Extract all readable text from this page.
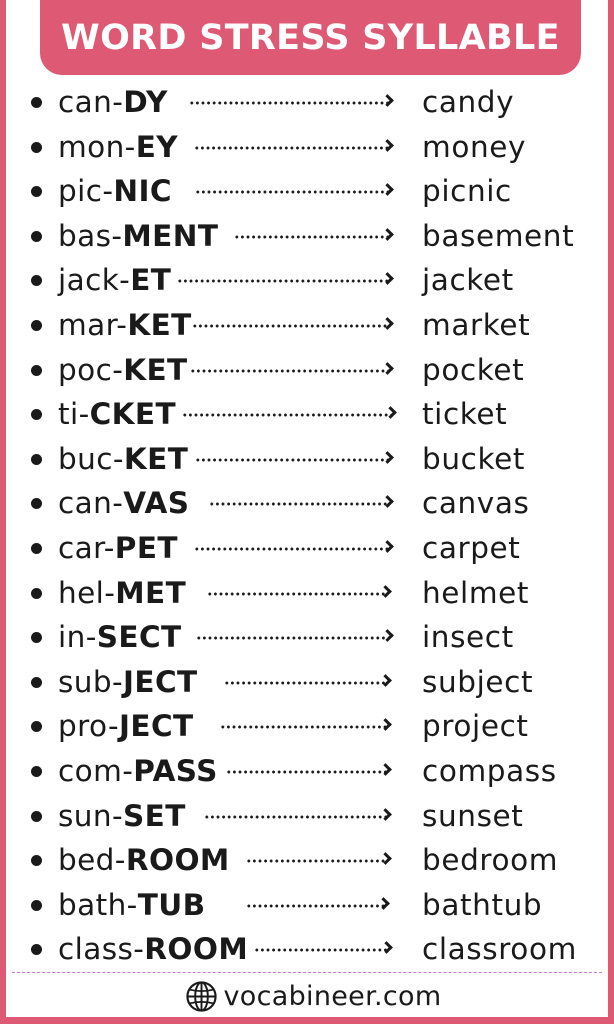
WORD STRESS SYLLABLE
can-DY	candy
mon-EY	money
pic-NIC	picnic
bas-MENT	basement
jack-ET	jacket
mar-KET	market
poc-KET	pocket
ti-CKET	ticket
buc-KET	bucket
can-VAS	canvas
car-PET	carpet
hel-MET	helmet
in-SECT	insect
sub-JECT	subject
pro-JECT	project
com-PASS	compass
sun-SET	sunset
bed-ROOM	bedroom
bath-TUB	bathtub
class-ROOM	classroom
vocabineer.com
